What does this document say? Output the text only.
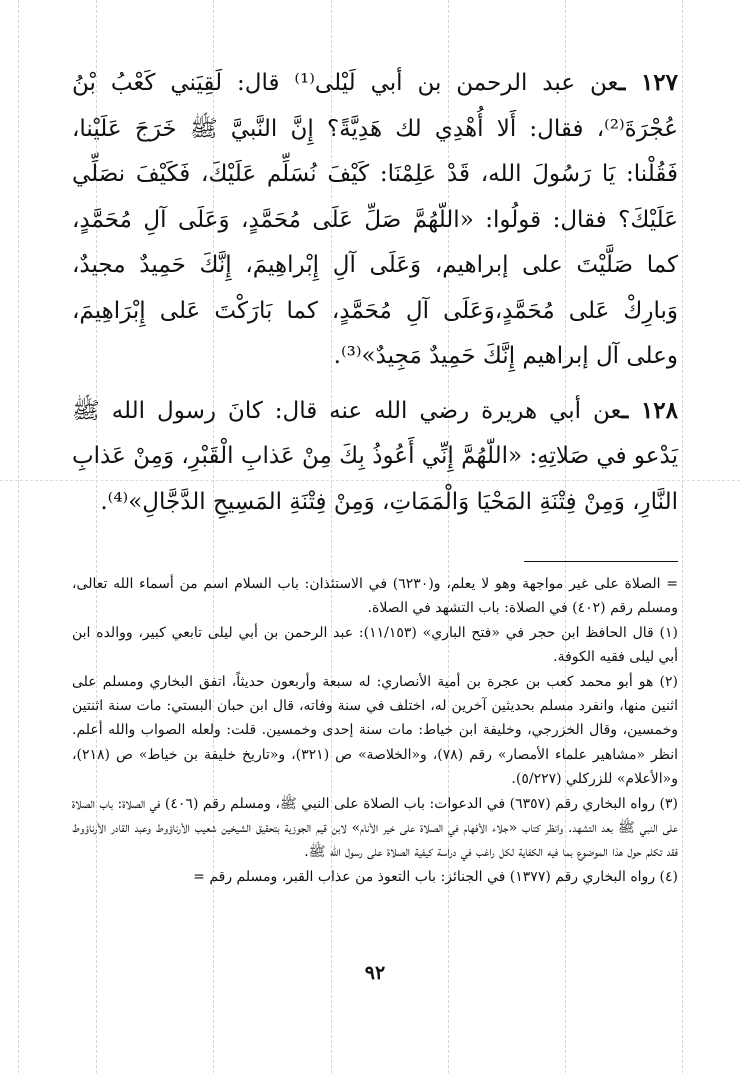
١٢٧ ـعن عبد الرحمن بن أبي لَيْلى⁽¹⁾ قال: لَقِيَني كَعْبُ بْنُ عُجْرَةَ⁽²⁾، فقال: أَلا أُهْدِي لك هَدِيَّةً؟ إِنَّ النَّبيَّ ﷺ خَرَجَ عَلَيْنا، فَقُلْنا: يَا رَسُولَ الله، قَدْ عَلِمْنَا: كَيْفَ نُسَلِّم عَلَيْكَ، فَكَيْفَ نصَلِّي عَلَيْكَ؟ فقال: قولُوا: «اللّهُمَّ صَلِّ عَلَى مُحَمَّدٍ، وَعَلَى آلِ مُحَمَّدٍ، كما صَلَّيْتَ على إبراهيم، وَعَلَى آلِ إِبْراهِيمَ، إِنَّكَ حَمِيدٌ مجيدٌ، وَبارِكْ عَلى مُحَمَّدٍ،وَعَلَى آلِ مُحَمَّدٍ، كما بَارَكْتَ عَلى إِبْرَاهِيمَ، وعلى آل إبراهيم إِنَّكَ حَمِيدٌ مَجِيدٌ»⁽³⁾.

١٢٨ ـعن أبي هريرة رضي الله عنه قال: كانَ رسول الله ﷺ يَدْعو في صَلاتِهِ: «اللّهُمَّ إِنِّي أَعُوذُ بِكَ مِنْ عَذابِ الْقَبْرِ، وَمِنْ عَذابِ النَّارِ، وَمِنْ فِتْنَةِ المَحْيَا وَالْمَمَاتِ، وَمِنْ فِتْنَةِ المَسِيحِ الدَّجَّالِ»⁽⁴⁾.

= الصلاة على غير مواجهة وهو لا يعلم، و(٦٢٣٠) في الاستئذان: باب السلام اسم من أسماء الله تعالى، ومسلم رقم (٤٠٢) في الصلاة: باب التشهد في الصلاة.

(١) قال الحافظ ابن حجر في «فتح الباري» (١١/١٥٣): عبد الرحمن بن أبي ليلى تابعي كبير، ووالده ابن أبي ليلى فقيه الكوفة.

(٢) هو أبو محمد كعب بن عجرة بن أمية الأنصاري: له سبعة وأربعون حديثاً، اتفق البخاري ومسلم على اثنين منها، وانفرد مسلم بحديثين آخرين له، اختلف في سنة وفاته، قال ابن حبان البستي: مات سنة اثنتين وخمسين، وقال الخزرجي، وخليفة ابن خياط: مات سنة إحدى وخمسين. قلت: ولعله الصواب والله أعلم. انظر «مشاهير علماء الأمصار» رقم (٧٨)، و«الخلاصة» ص (٣٢١)، و«تاريخ خليفة بن خياط» ص (٢١٨)، و«الأعلام» للزركلي (٥/٢٢٧).

(٣) رواه البخاري رقم (٦٣٥٧) في الدعوات: باب الصلاة على النبي ﷺ، ومسلم رقم (٤٠٦) في الصلاة: باب الصلاة على النبي ﷺ بعد التشهد. وانظر كتاب «جلاء الأفهام في الصلاة على خير الأنام» لابن قيم الجوزية بتحقيق الشيخين شعيب الأرناؤوط وعبد القادر الأرناؤوط فقد تكلم حول هذا الموضوع بما فيه الكفاية لكل راغب في دراسة كيفية الصلاة على رسول الله ﷺ.

(٤) رواه البخاري رقم (١٣٧٧) في الجنائز: باب التعوذ من عذاب القبر، ومسلم رقم =

٩٢
